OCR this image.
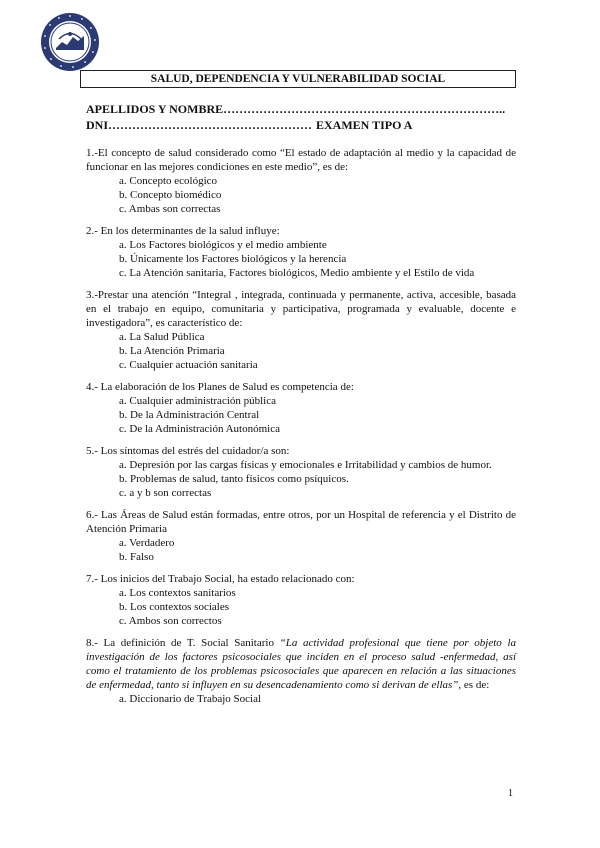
SALUD, DEPENDENCIA Y VULNERABILIDAD SOCIAL
APELLIDOS Y NOMBRE……………………………………………………………..
DNI…………………………………………… EXAMEN TIPO A
1.-El concepto de salud considerado como “El estado de adaptación al medio y la capacidad de funcionar en las mejores condiciones en este medio”, es de:
a. Concepto ecológico
b. Concepto biomédico
c. Ambas son correctas
2.- En los determinantes de la salud influye:
a. Los Factores biológicos y el medio ambiente
b. Únicamente los Factores biológicos y la herencia
c. La Atención sanitaria, Factores biológicos, Medio ambiente y el Estilo de vida
3.-Prestar una atención “Integral , integrada, continuada y permanente, activa, accesible, basada en el trabajo en equipo, comunitaria y participativa, programada y evaluable, docente e investigadora”, es característico de:
a. La Salud Pública
b. La Atención Primaria
c. Cualquier actuación sanitaria
4.- La elaboración de los Planes de Salud es competencia de:
a. Cualquier administración pública
b. De la Administración Central
c. De la Administración Autonómica
5.- Los síntomas del estrés del cuidador/a son:
a. Depresión por las cargas físicas y emocionales e Irritabilidad y cambios de humor.
b. Problemas de salud, tanto físicos como psíquicos.
c. a y b son correctas
6.- Las Áreas de Salud están formadas, entre otros, por un Hospital de referencia y el Distrito de Atención Primaria
a. Verdadero
b. Falso
7.- Los inicios del Trabajo Social, ha estado relacionado con:
a. Los contextos sanitarios
b. Los contextos sociales
c. Ambos son correctos
8.- La definición de T. Social Sanitario “La actividad profesional que tiene por objeto la investigación de los factores psicosociales que inciden en el proceso salud -enfermedad, así como el tratamiento de los problemas psicosociales que aparecen en relación a las situaciones de enfermedad, tanto si influyen en su desencadenamiento como si derivan de ellas”, es de:
a. Diccionario de Trabajo Social
1
